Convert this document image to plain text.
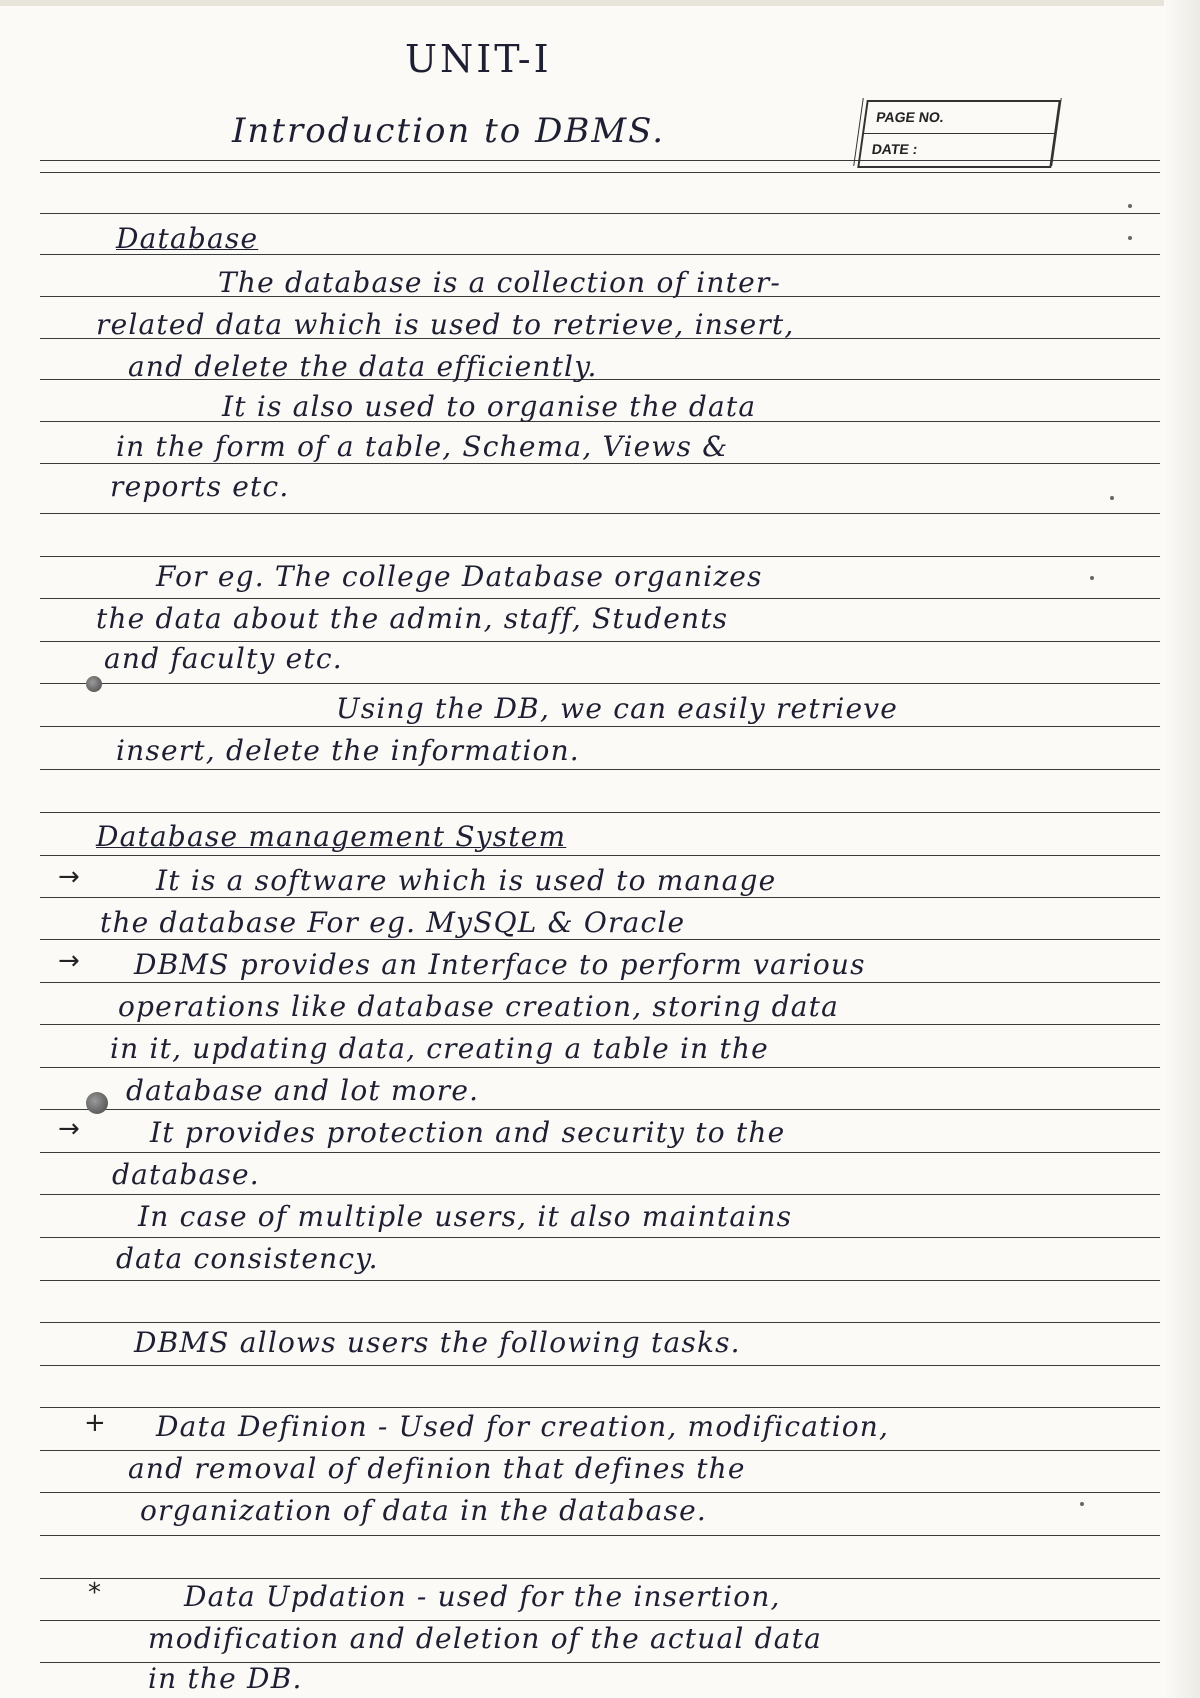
UNIT-I
Introduction to DBMS.	PAGE NO.
DATE :
Database
The database is a collection of inter-
related data which is used to retrieve, insert,
and delete the data efficiently.
It is also used to organise the data
in the form of a table, Schema, Views &
reports etc.
For eg. The college Database organizes
the data about the admin, staff, Students
and faculty etc.
Using the DB, we can easily retrieve
insert, delete the information.
Database management System
→	It is a software which is used to manage
the database For eg. MySQL & Oracle
→ DBMS provides an Interface to perform various
operations like database creation, storing data
in it, updating data, creating a table in the
database and lot more.
→	It provides protection and security to the
database.
In case of multiple users, it also maintains
data consistency.
DBMS allows users the following tasks.
+ Data Definion - Used for creation, modification,
and removal of definion that defines the
organization of data in the database.
*	Data Updation - used for the insertion,
modification and deletion of the actual data
in the DB.
